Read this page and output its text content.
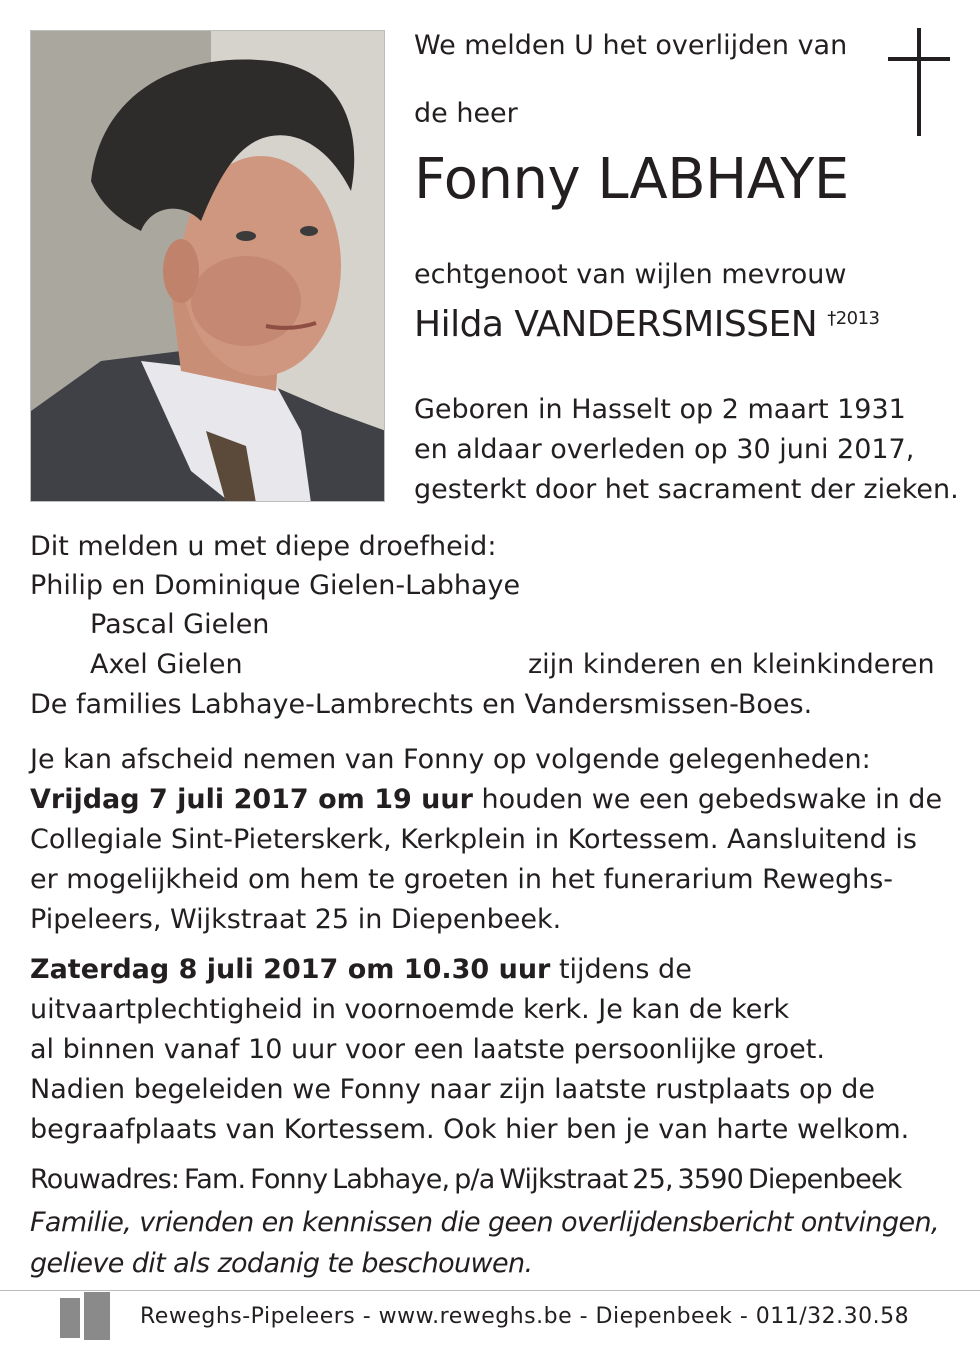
We melden U het overlijden van
de heer
Fonny LABHAYE
echtgenoot van wijlen mevrouw
Hilda VANDERSMISSEN $^{\dagger 2013}$
Geboren in Hasselt op 2 maart 1931
en aldaar overleden op 30 juni 2017,
gesterkt door het sacrament der zieken.
Dit melden u met diepe droefheid:
Philip en Dominique Gielen-Labhaye
Pascal Gielen
Axel Gielen	zijn kinderen en kleinkinderen
De families Labhaye-Lambrechts en Vandersmissen-Boes.
Je kan afscheid nemen van Fonny op volgende gelegenheden:
Vrijdag 7 juli 2017 om 19 uur houden we een gebedswake in de
Collegiale Sint-Pieterskerk, Kerkplein in Kortessem. Aansluitend is
er mogelijkheid om hem te groeten in het funerarium Reweghs-
Pipeleers, Wijkstraat 25 in Diepenbeek.
Zaterdag 8 juli 2017 om 10.30 uur tijdens de
uitvaartplechtigheid in voornoemde kerk. Je kan de kerk
al binnen vanaf 10 uur voor een laatste persoonlijke groet.
Nadien begeleiden we Fonny naar zijn laatste rustplaats op de
begraafplaats van Kortessem. Ook hier ben je van harte welkom.
Rouwadres: Fam. Fonny Labhaye, p/a Wijkstraat 25, 3590 Diepenbeek
Familie, vrienden en kennissen die geen overlijdensbericht ontvingen,
gelieve dit als zodanig te beschouwen.
Reweghs-Pipeleers - www.reweghs.be - Diepenbeek - 011/32.30.58
